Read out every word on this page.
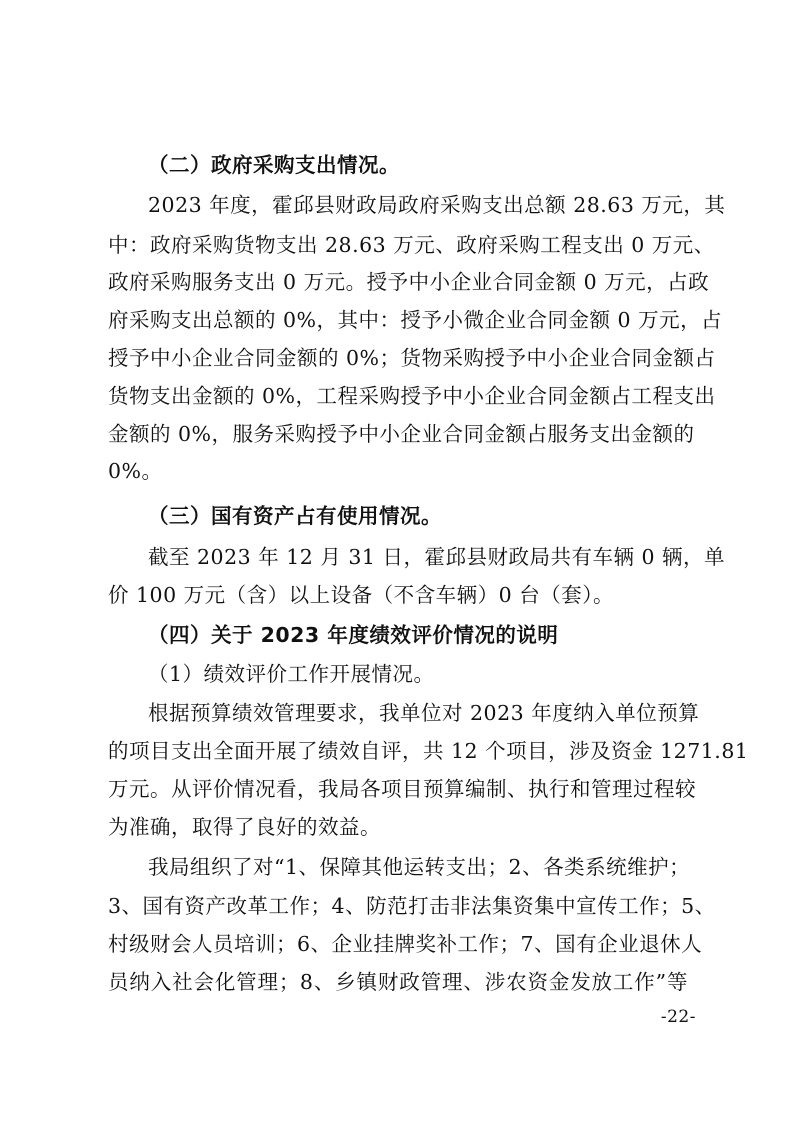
（二）政府采购支出情况。
2023 年度，霍邱县财政局政府采购支出总额 28.63 万元，其
中：政府采购货物支出 28.63 万元、政府采购工程支出 0 万元、
政府采购服务支出 0 万元。授予中小企业合同金额 0 万元，占政
府采购支出总额的 0%，其中：授予小微企业合同金额 0 万元，占
授予中小企业合同金额的 0%；货物采购授予中小企业合同金额占
货物支出金额的 0%，工程采购授予中小企业合同金额占工程支出
金额的 0%，服务采购授予中小企业合同金额占服务支出金额的
0%。
（三）国有资产占有使用情况。
截至 2023 年 12 月 31 日，霍邱县财政局共有车辆 0 辆，单
价 100 万元（含）以上设备（不含车辆）0 台（套）。
（四）关于 2023 年度绩效评价情况的说明
（1）绩效评价工作开展情况。
根据预算绩效管理要求，我单位对 2023 年度纳入单位预算
的项目支出全面开展了绩效自评，共 12 个项目，涉及资金 1271.81
万元。从评价情况看，我局各项目预算编制、执行和管理过程较
为准确，取得了良好的效益。
我局组织了对“1、保障其他运转支出；2、各类系统维护；
3、国有资产改革工作；4、防范打击非法集资集中宣传工作；5、
村级财会人员培训；6、企业挂牌奖补工作；7、国有企业退休人
员纳入社会化管理；8、乡镇财政管理、涉农资金发放工作”等
-22-
